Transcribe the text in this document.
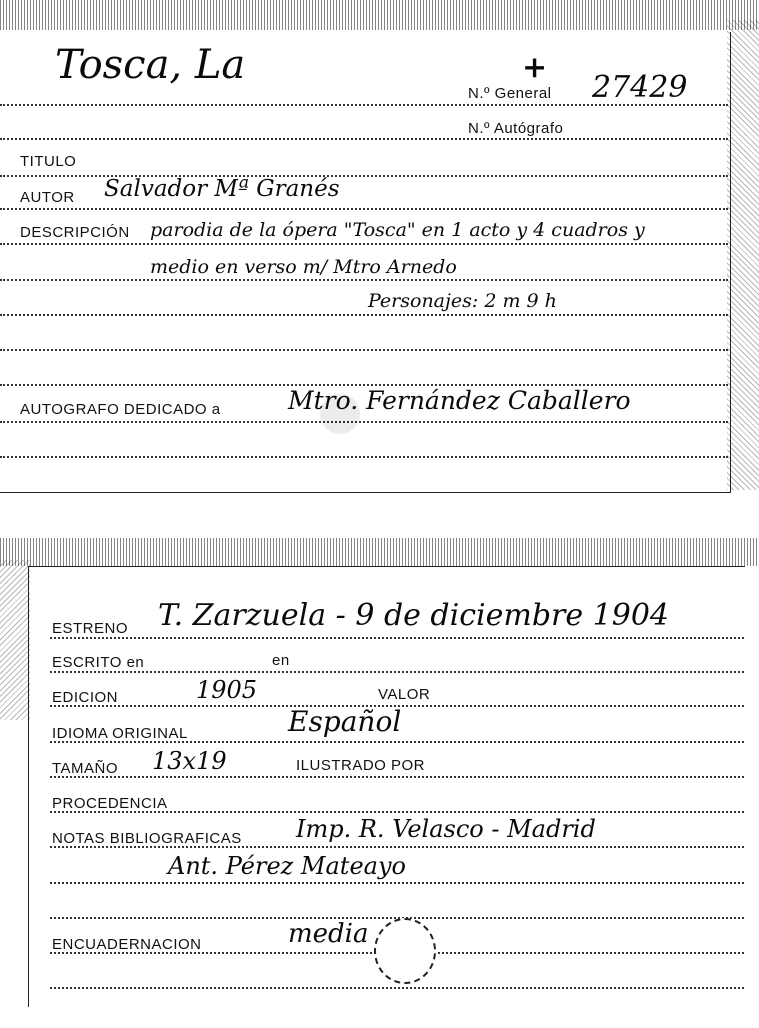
Tosca, La
N.º General
+
27429
N.º Autógrafo
TITULO
AUTOR Salvador Mª Granés
DESCRIPCIÓN parodia de la ópera "Tosca" en 1 acto y 4 cuadros y
medio en verso m/ Mtro Arnedo
Personajes: 2 m 9 h
AUTOGRAFO DEDICADO a	Mtro. Fernández Caballero
ESTRENO T. Zarzuela - 9 de diciembre 1904
ESCRITO en	en
EDICION	1905	VALOR
IDIOMA ORIGINAL	Español
TAMAÑO 13x19	ILUSTRADO POR
PROCEDENCIA
NOTAS BIBLIOGRAFICAS Imp. R. Velasco - Madrid
Ant. Pérez Mateayo
ENCUADERNACION	media
